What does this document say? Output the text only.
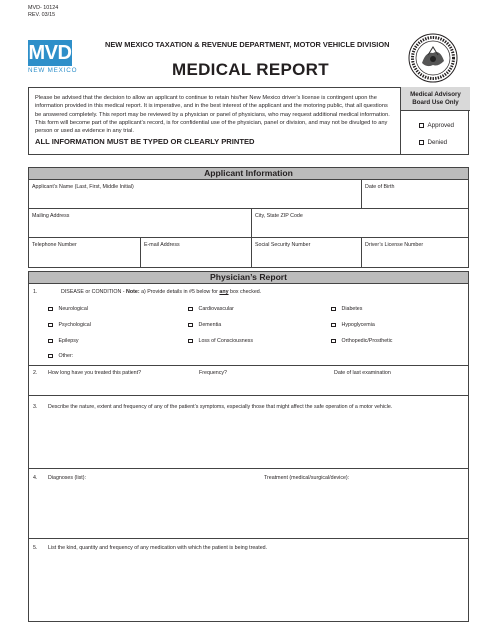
MVD- 10124
REV. 03/15
MVD
NEW MEXICO
NEW MEXICO TAXATION & REVENUE DEPARTMENT, MOTOR VEHICLE DIVISION
MEDICAL REPORT
Please be advised that the decision to allow an applicant to continue to retain his/her New Mexico driver’s license is contingent upon the information provided in this medical report. It is imperative, and in the best interest of the applicant and the motoring public, that all questions be answered completely. This report may be reviewed by a physician or panel of physicians, who may request additional medical information. This form will become part of the applicant’s record, is for confidential use of the physician, panel or division, and may not be divulged to any person or used as evidence in any trial.
ALL INFORMATION MUST BE TYPED OR CLEARLY PRINTED
Medical Advisory Board Use Only
Approved
Denied
Applicant Information
Applicant’s Name (Last, First, Middle Initial)	Date of Birth
Mailing Address	City, State ZIP Code
Telephone Number	E-mail Address	Social Security Number	Driver’s License Number
Physician’s Report
1.	DISEASE or CONDITION - Note: a) Provide details in #5 below for any box checked.
Neurological	Cardiovascular	Diabetes
Psychological	Dementia	Hypoglycemia
Epilepsy	Loss of Consciousness	Orthopedic/Prosthetic
Other:
2. How long have you treated this patient?	Frequency?	Date of last examination
3. Describe the nature, extent and frequency of any of the patient’s symptoms, especially those that might affect the safe operation of a motor vehicle.
4. Diagnoses (list):	Treatment (medical/surgical/device):
5. List the kind, quantity and frequency of any medication with which the patient is being treated.
